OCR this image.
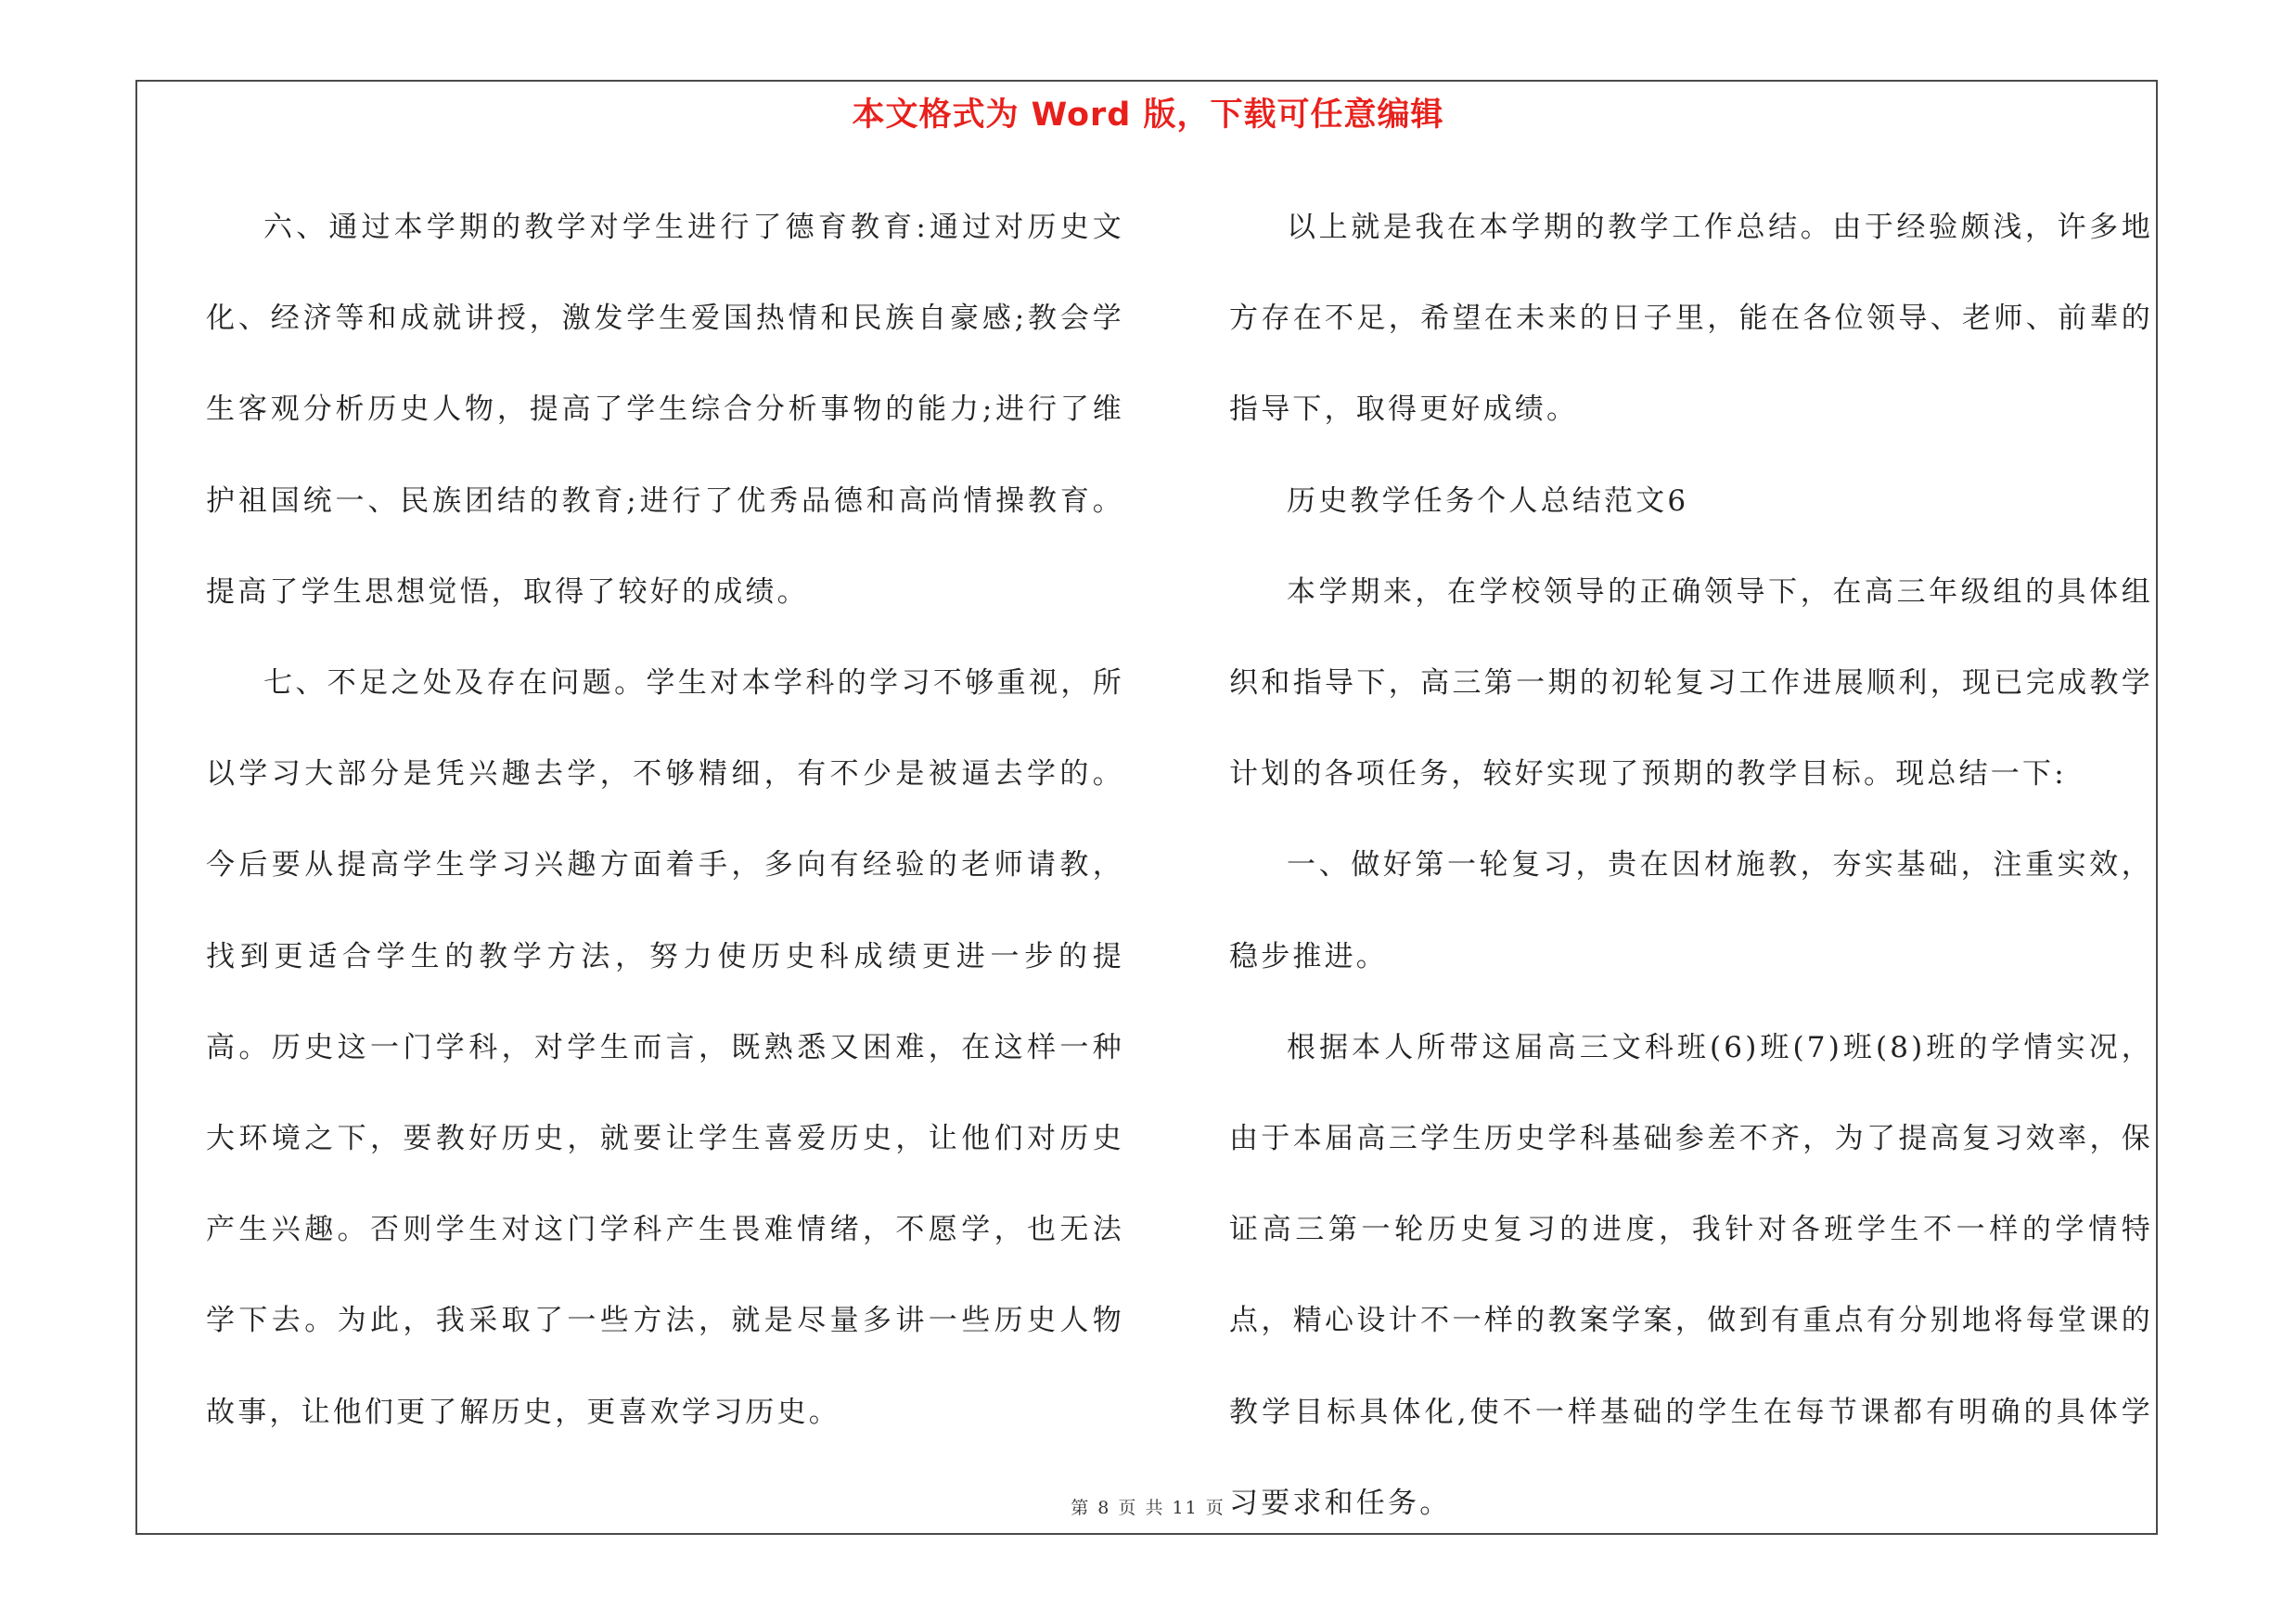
本文格式为 Word 版，下载可任意编辑

六、通过本学期的教学对学生进行了德育教育:通过对历史文化、经济等和成就讲授，激发学生爱国热情和民族自豪感;教会学生客观分析历史人物，提高了学生综合分析事物的能力;进行了维护祖国统一、民族团结的教育;进行了优秀品德和高尚情操教育。提高了学生思想觉悟，取得了较好的成绩。

七、不足之处及存在问题。学生对本学科的学习不够重视，所以学习大部分是凭兴趣去学，不够精细，有不少是被逼去学的。今后要从提高学生学习兴趣方面着手，多向有经验的老师请教，找到更适合学生的教学方法，努力使历史科成绩更进一步的提高。历史这一门学科，对学生而言，既熟悉又困难，在这样一种大环境之下，要教好历史，就要让学生喜爱历史，让他们对历史产生兴趣。否则学生对这门学科产生畏难情绪，不愿学，也无法学下去。为此，我采取了一些方法，就是尽量多讲一些历史人物故事，让他们更了解历史，更喜欢学习历史。

以上就是我在本学期的教学工作总结。由于经验颇浅，许多地方存在不足，希望在未来的日子里，能在各位领导、老师、前辈的指导下，取得更好成绩。

历史教学任务个人总结范文6

本学期来，在学校领导的正确领导下，在高三年级组的具体组织和指导下，高三第一期的初轮复习工作进展顺利，现已完成教学计划的各项任务，较好实现了预期的教学目标。现总结一下:

一、做好第一轮复习，贵在因材施教，夯实基础，注重实效，稳步推进。

根据本人所带这届高三文科班(6)班(7)班(8)班的学情实况，由于本届高三学生历史学科基础参差不齐，为了提高复习效率，保证高三第一轮历史复习的进度，我针对各班学生不一样的学情特点，精心设计不一样的教案学案，做到有重点有分别地将每堂课的教学目标具体化,使不一样基础的学生在每节课都有明确的具体学习要求和任务。

第 8 页 共 11 页
